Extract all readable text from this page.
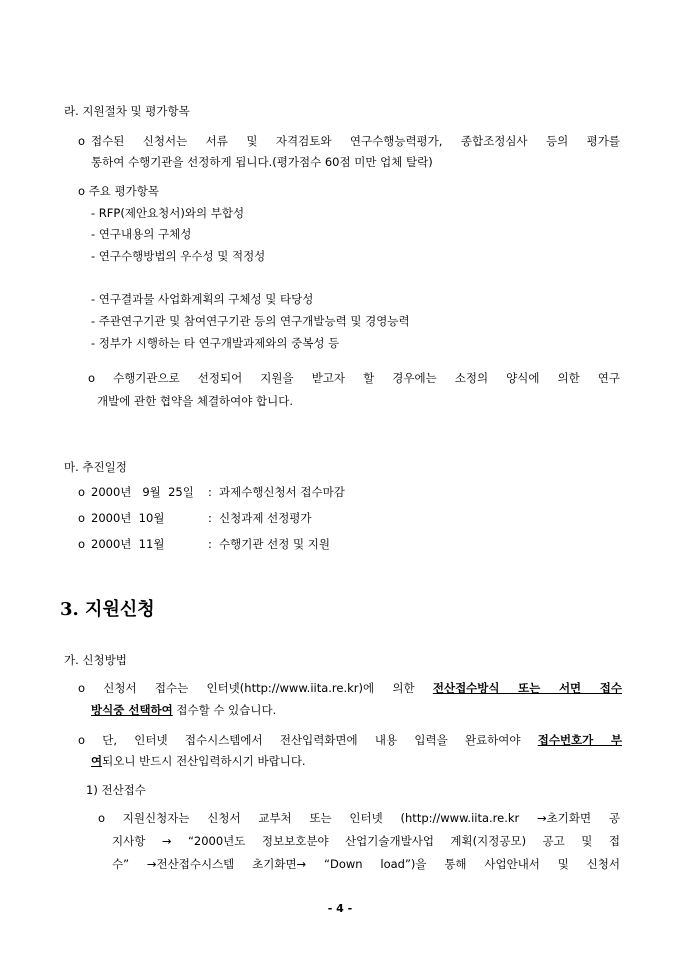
라. 지원절차 및 평가항목
o 접수된 신청서는 서류 및 자격검토와 연구수행능력평가, 종합조정심사 등의 평가를
통하여 수행기관을 선정하게 됩니다.(평가점수 60점 미만 업체 탈락)
o 주요 평가항목
- RFP(제안요청서)와의 부합성
- 연구내용의 구체성
- 연구수행방법의 우수성 및 적정성
- 연구결과물 사업화계획의 구체성 및 타당성
- 주관연구기관 및 참여연구기관 등의 연구개발능력 및 경영능력
- 정부가 시행하는 타 연구개발과제와의 중복성 등
o 수행기관으로 선정되어 지원을 받고자 할 경우에는 소정의 양식에 의한 연구
개발에 관한 협약을 체결하여야 합니다.
마. 추진일정
o 2000년   9월  25일 : 과제수행신청서 접수마감
o 2000년  10월	: 신청과제 선정평가
o 2000년  11월	: 수행기관 선정 및 지원
3. 지원신청
가. 신청방법
o 신청서 접수는 인터넷(http://www.iita.re.kr)에 의한 전산접수방식 또는 서면 접수
방식중 선택하여 접수할 수 있습니다.
o 단, 인터넷 접수시스템에서 전산입력화면에 내용 입력을 완료하여야 접수번호가 부
여되오니 반드시 전산입력하시기 바랍니다.
1) 전산접수
o 지원신청자는 신청서 교부처 또는 인터넷 (http://www.iita.re.kr →초기화면 공
지사항 → “2000년도 정보보호분야 산업기술개발사업 계획(지정공모) 공고 및 접
수” →전산접수시스템 초기화면→ “Down load”)을 통해 사업안내서 및 신청서
- 4 -
